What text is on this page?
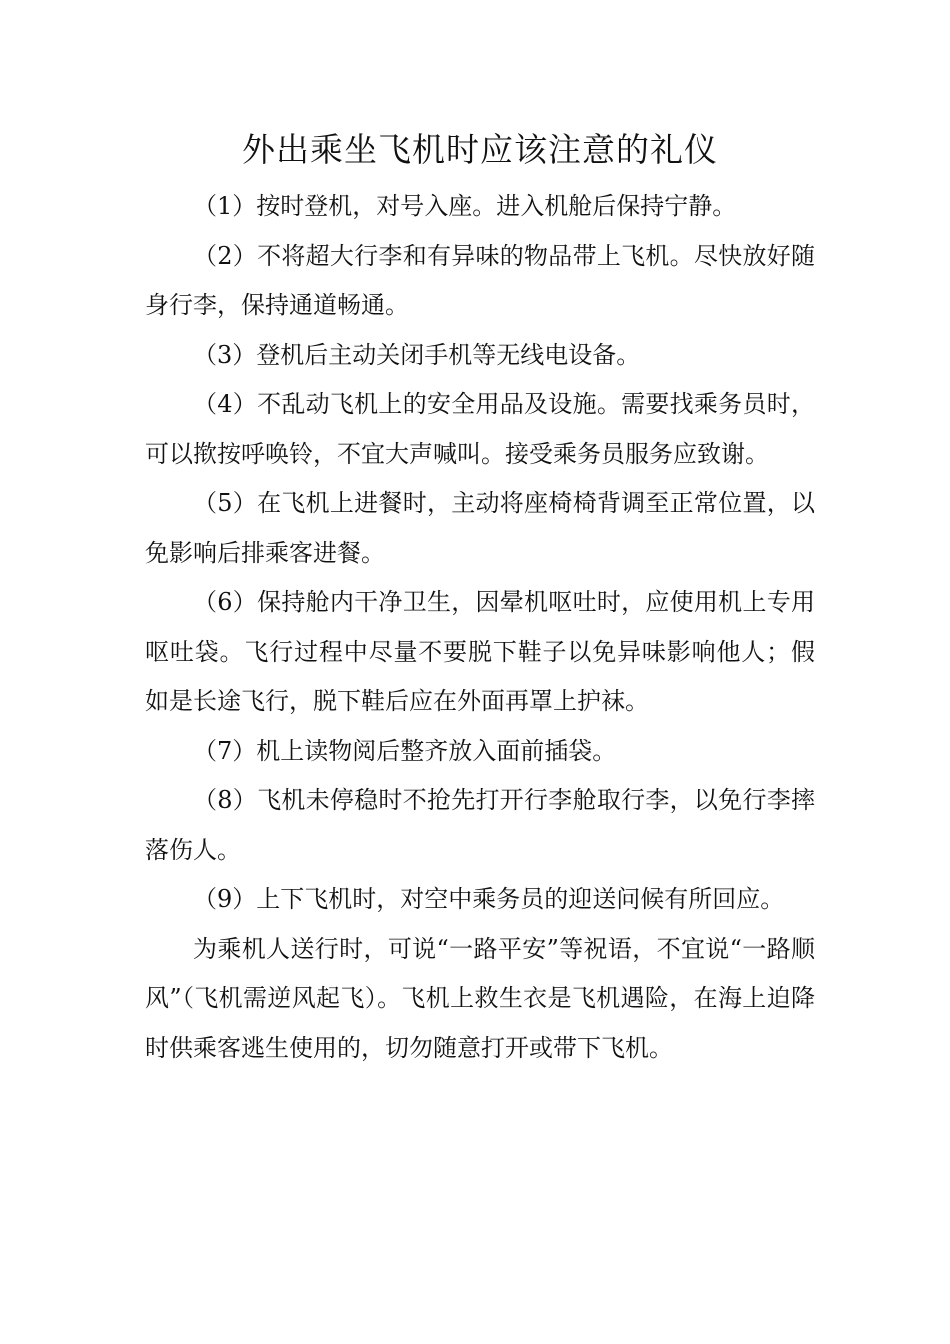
外出乘坐飞机时应该注意的礼仪

（1）按时登机，对号入座。进入机舱后保持宁静。

（2）不将超大行李和有异味的物品带上飞机。尽快放好随身行李，保持通道畅通。

（3）登机后主动关闭手机等无线电设备。

（4）不乱动飞机上的安全用品及设施。需要找乘务员时，可以揿按呼唤铃，不宜大声喊叫。接受乘务员服务应致谢。

（5）在飞机上进餐时，主动将座椅椅背调至正常位置，以免影响后排乘客进餐。

（6）保持舱内干净卫生，因晕机呕吐时，应使用机上专用呕吐袋。飞行过程中尽量不要脱下鞋子以免异味影响他人；假如是长途飞行，脱下鞋后应在外面再罩上护袜。

（7）机上读物阅后整齐放入面前插袋。

（8）飞机未停稳时不抢先打开行李舱取行李，以免行李摔落伤人。

（9）上下飞机时，对空中乘务员的迎送问候有所回应。

为乘机人送行时，可说“一路平安”等祝语，不宜说“一路顺风”（飞机需逆风起飞）。飞机上救生衣是飞机遇险，在海上迫降时供乘客逃生使用的，切勿随意打开或带下飞机。
